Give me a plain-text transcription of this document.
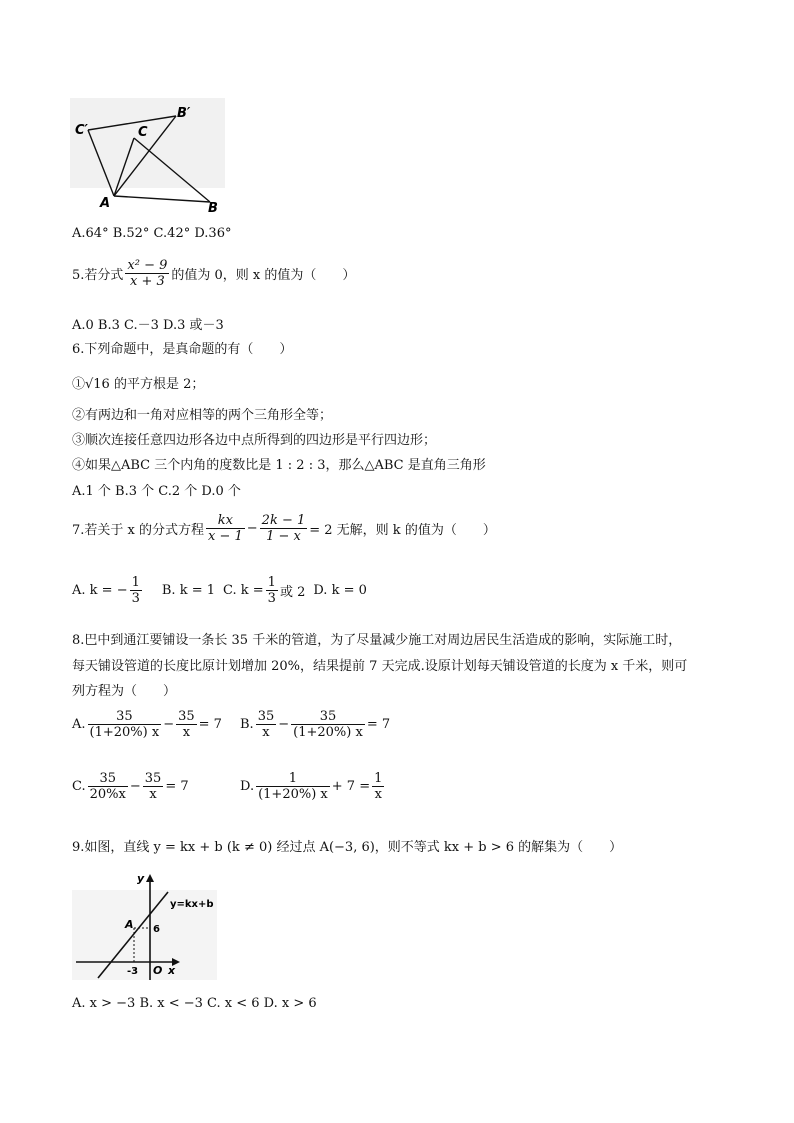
C′	C
B′
A	B
A.64° B.52° C.42° D.36°
5.若分式 $\frac{\text{x² − 9}}{x + 3}$ 的值为 0，则 x 的值为（　　）
A.0 B.3 C.－3 D.3 或－3
6.下列命题中，是真命题的有（　　）
①√16 的平方根是 2；
②有两边和一角对应相等的两个三角形全等；
③顺次连接任意四边形各边中点所得到的四边形是平行四边形；
④如果△ABC 三个内角的度数比是 1 : 2 : 3，那么△ABC 是直角三角形
A.1 个 B.3 个 C.2 个 D.0 个
7.若关于 x 的分式方程 $\frac{kx}{x - 1} - \frac{2k - 1}{1 - x} = 2$ 无解，则 k 的值为（　　）
A. k = − $\frac{1}{3} B$. k = 1 C. $k = \frac{1}{3}$ 或 2 D. k = 0
8.巴中到通江要铺设一条长 35 千米的管道，为了尽量减少施工对周边居民生活造成的影响，实际施工时，
每天铺设管道的长度比原计划增加 20%，结果提前 7 天完成.设原计划每天铺设管道的长度为 x 千米，则可
列方程为（　　）
A. $\frac{35}{(1+20\%) x} - \frac{35}{x} = 7$ B. $\frac{35}{x} - \frac{35}{(1+20\%) x} = 7$
C. $\frac{35}{20\%x} - \frac{35}{x} = 7$	D. $\frac{1}{(1+20\%) x} + 7 = \frac{1}{x}$
9.如图，直线 y = kx + b (k ≠ 0) 经过点 A(−3, 6)，则不等式 kx + b > 6 的解集为（　　）
y
x
y=kx+b
A 6
-3 O
A. x > −3 B. x < −3 C. x < 6 D. x > 6
